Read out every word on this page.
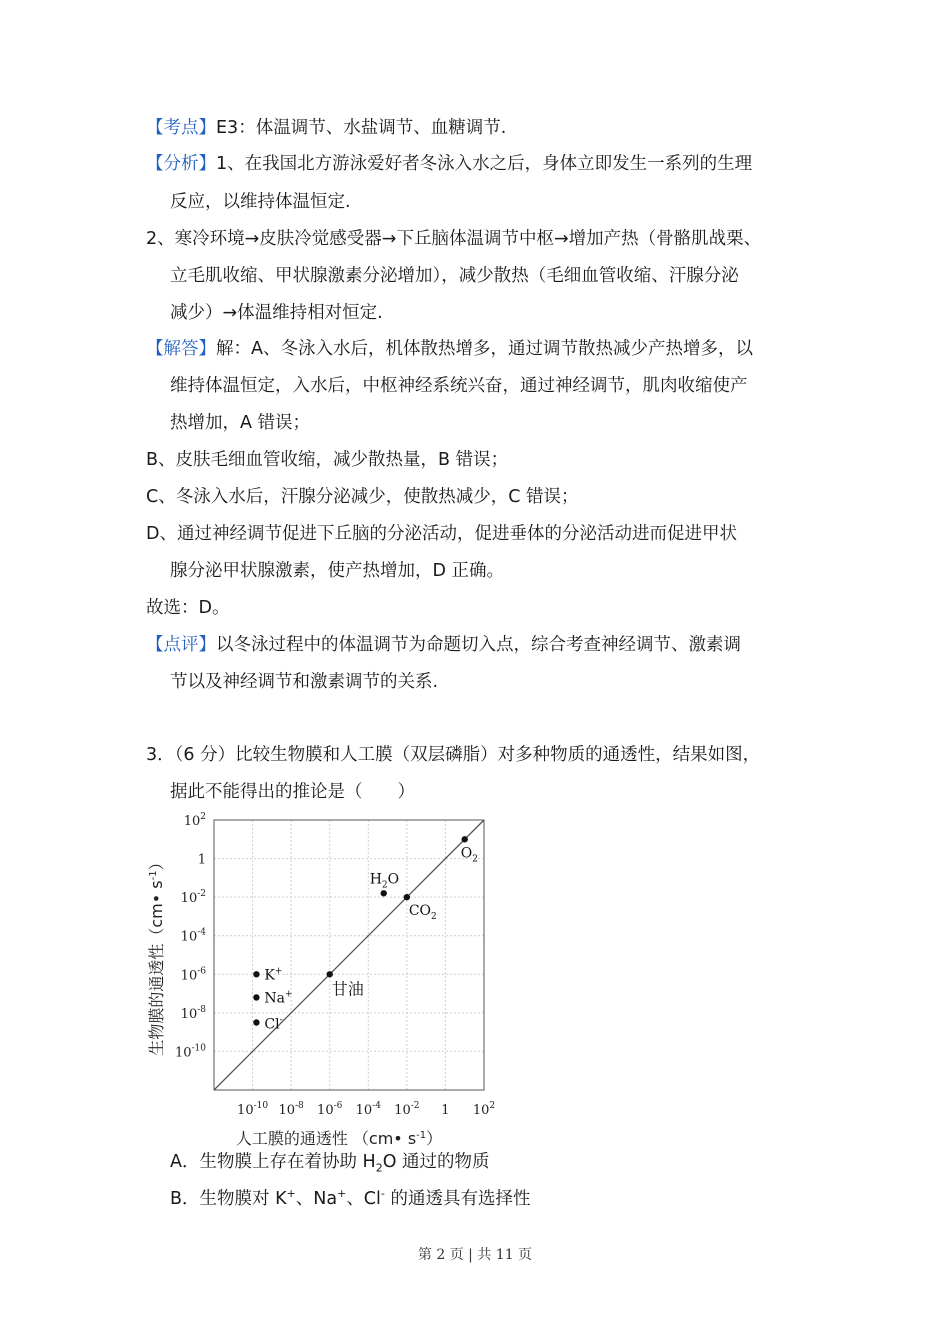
【考点】E3：体温调节、水盐调节、血糖调节.
【分析】1、在我国北方游泳爱好者冬泳入水之后，身体立即发生一系列的生理
反应，以维持体温恒定.
2、寒冷环境→皮肤冷觉感受器→下丘脑体温调节中枢→增加产热（骨骼肌战栗、
立毛肌收缩、甲状腺激素分泌增加），减少散热（毛细血管收缩、汗腺分泌
减少）→体温维持相对恒定.
【解答】解：A、冬泳入水后，机体散热增多，通过调节散热减少产热增多，以
维持体温恒定，入水后，中枢神经系统兴奋，通过神经调节，肌肉收缩使产
热增加，A 错误；
B、皮肤毛细血管收缩，减少散热量，B 错误；
C、冬泳入水后，汗腺分泌减少，使散热减少，C 错误；
D、通过神经调节促进下丘脑的分泌活动，促进垂体的分泌活动进而促进甲状
腺分泌甲状腺激素，使产热增加，D 正确。
故选：D。
【点评】以冬泳过程中的体温调节为命题切入点，综合考查神经调节、激素调
节以及神经调节和激素调节的关系.
3．（6 分）比较生物膜和人工膜（双层磷脂）对多种物质的通透性，结果如图，
据此不能得出的推论是（　　）
$10^{-10}$ $10^{-8}$ $10^{-6}$ $10^{-4}$ $10^{-2}$ 1 $10^2$
$10^2$
1
$10^{-2}$
$10^{-4}$
$10^{-6}$
$10^{-8}$
$10^{-10}$
人工膜的通透性 （cm• $s^{-1}$）
生物膜的通透性（cm• $s^{-1}$）
$O_2$
$H_2O$
$CO_2$
甘油
K+
Na+
Cl-
A．生物膜上存在着协助 $H_2O$ 通过的物质
B．生物膜对 K+、Na+、Cl- 的通透具有选择性
第 2 页 | 共 11 页
